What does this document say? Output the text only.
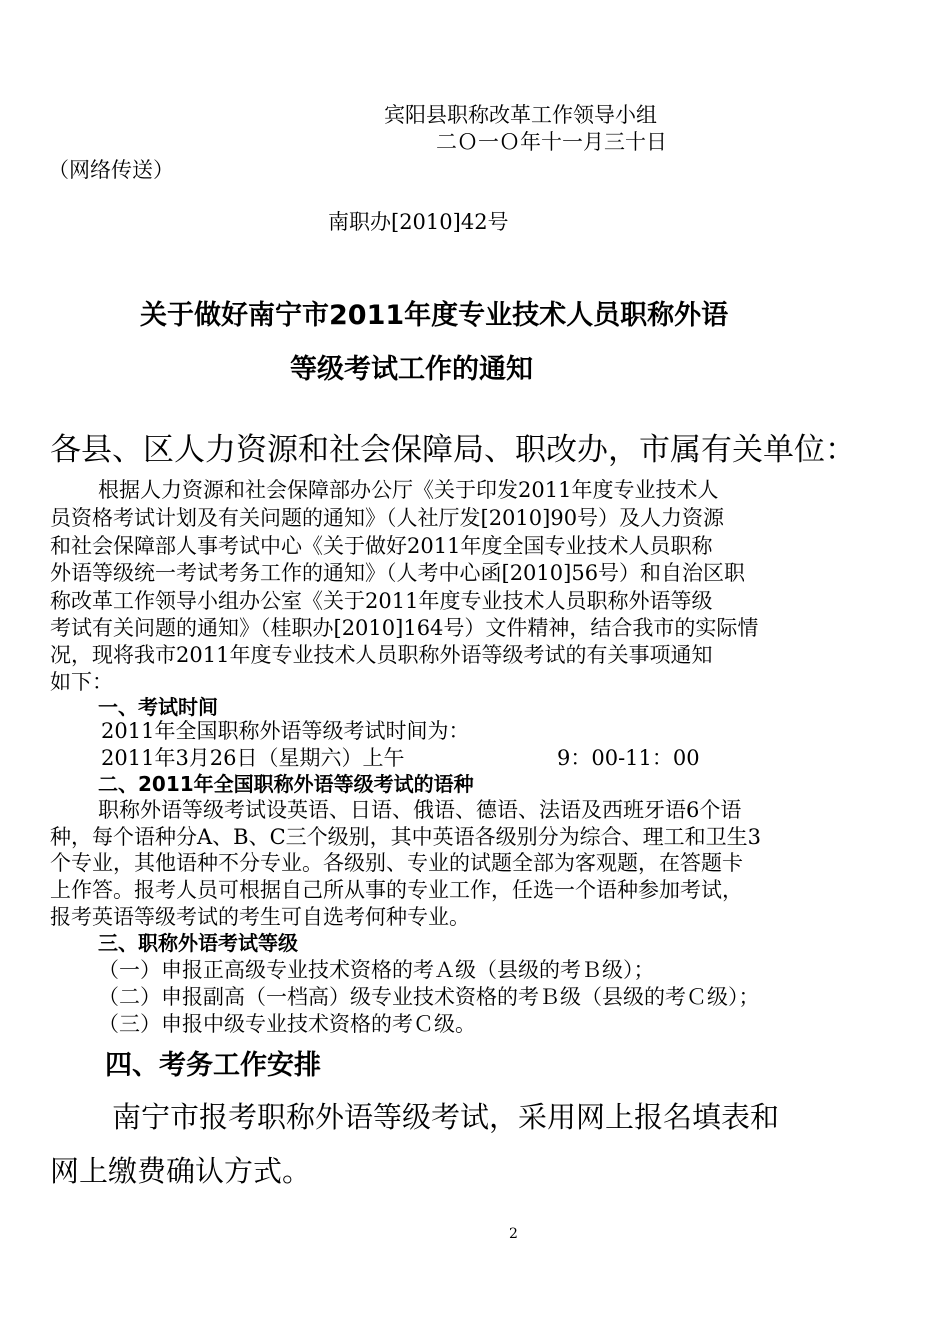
宾阳县职称改革工作领导小组
二Ｏ一Ｏ年十一月三十日
（网络传送）
南职办[2010]42号
关于做好南宁市2011年度专业技术人员职称外语
等级考试工作的通知
各县、区人力资源和社会保障局、职改办，市属有关单位：
根据人力资源和社会保障部办公厅《关于印发2011年度专业技术人
员资格考试计划及有关问题的通知》（人社厅发[2010]90号）及人力资源
和社会保障部人事考试中心《关于做好2011年度全国专业技术人员职称
外语等级统一考试考务工作的通知》（人考中心函[2010]56号）和自治区职
称改革工作领导小组办公室《关于2011年度专业技术人员职称外语等级
考试有关问题的通知》（桂职办[2010]164号）文件精神，结合我市的实际情
况，现将我市2011年度专业技术人员职称外语等级考试的有关事项通知
如下：
一、考试时间
2011年全国职称外语等级考试时间为：
2011年3月26日（星期六）上午	9：00-11：00
二、2011年全国职称外语等级考试的语种
职称外语等级考试设英语、日语、俄语、德语、法语及西班牙语6个语
种，每个语种分A、B、C三个级别，其中英语各级别分为综合、理工和卫生3
个专业，其他语种不分专业。各级别、专业的试题全部为客观题，在答题卡
上作答。报考人员可根据自己所从事的专业工作，任选一个语种参加考试，
报考英语等级考试的考生可自选考何种专业。
三、职称外语考试等级
（一）申报正高级专业技术资格的考Ａ级（县级的考Ｂ级）；
（二）申报副高（一档高）级专业技术资格的考Ｂ级（县级的考Ｃ级）；
（三）申报中级专业技术资格的考Ｃ级。
四、考务工作安排
南宁市报考职称外语等级考试，采用网上报名填表和
网上缴费确认方式。
2
